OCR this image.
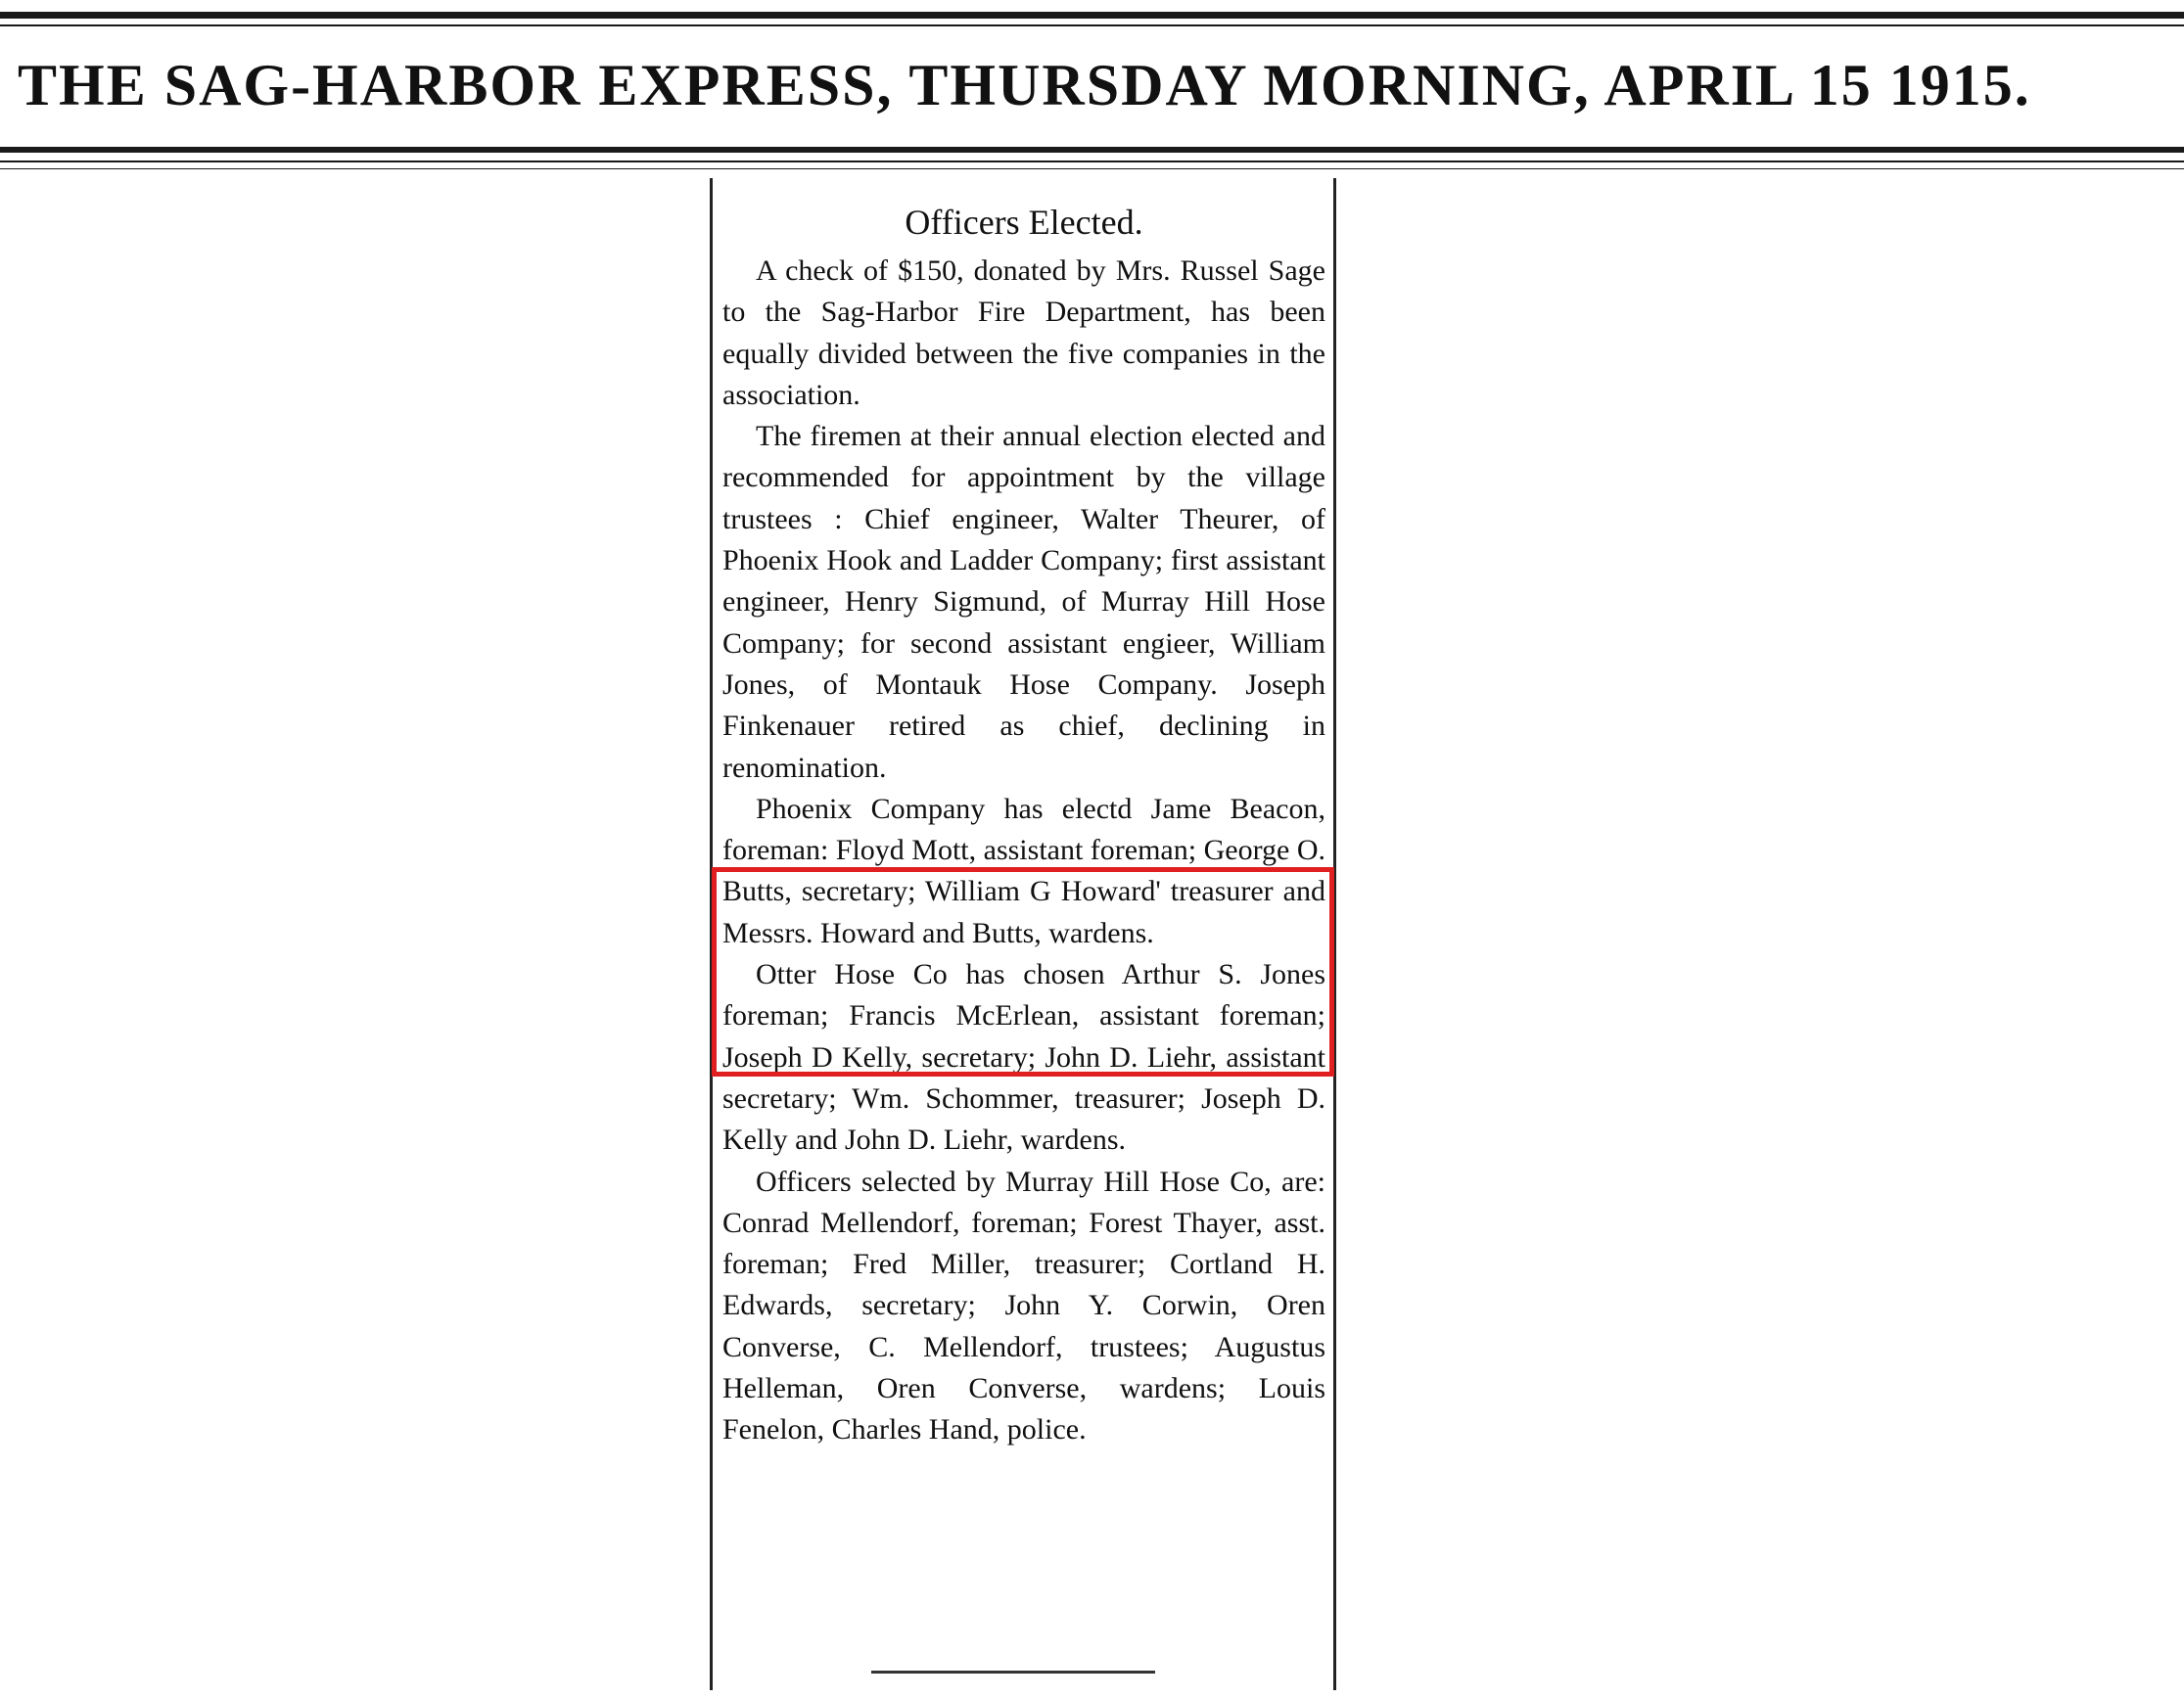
THE SAG-HARBOR EXPRESS, THURSDAY MORNING, APRIL 15 1915.
Officers Elected.

A check of $150, donated by Mrs. Russel Sage to the Sag-Harbor Fire Department, has been equally divided between the five companies in the association.

The firemen at their annual election elected and recommended for appointment by the village trustees : Chief engineer, Walter Theurer, of Phoenix Hook and Ladder Company; first assistant engineer, Henry Sigmund, of Murray Hill Hose Company; for second assistant engieer, William Jones, of Montauk Hose Company. Joseph Finkenauer retired as chief, declining in renomination.

Phoenix Company has electd Jame Beacon, foreman: Floyd Mott, assistant foreman; George O. Butts, secretary; William G Howard' treasurer and Messrs. Howard and Butts, wardens.

Otter Hose Co has chosen Arthur S. Jones foreman; Francis McErlean, assistant foreman; Joseph D Kelly, secretary; John D. Liehr, assistant secretary; Wm. Schommer, treasurer; Joseph D. Kelly and John D. Liehr, wardens.

Officers selected by Murray Hill Hose Co, are: Conrad Mellendorf, foreman; Forest Thayer, asst. foreman; Fred Miller, treasurer; Cortland H. Edwards, secretary; John Y. Corwin, Oren Converse, C. Mellendorf, trustees; Augustus Helleman, Oren Converse, wardens; Louis Fenelon, Charles Hand, police.
